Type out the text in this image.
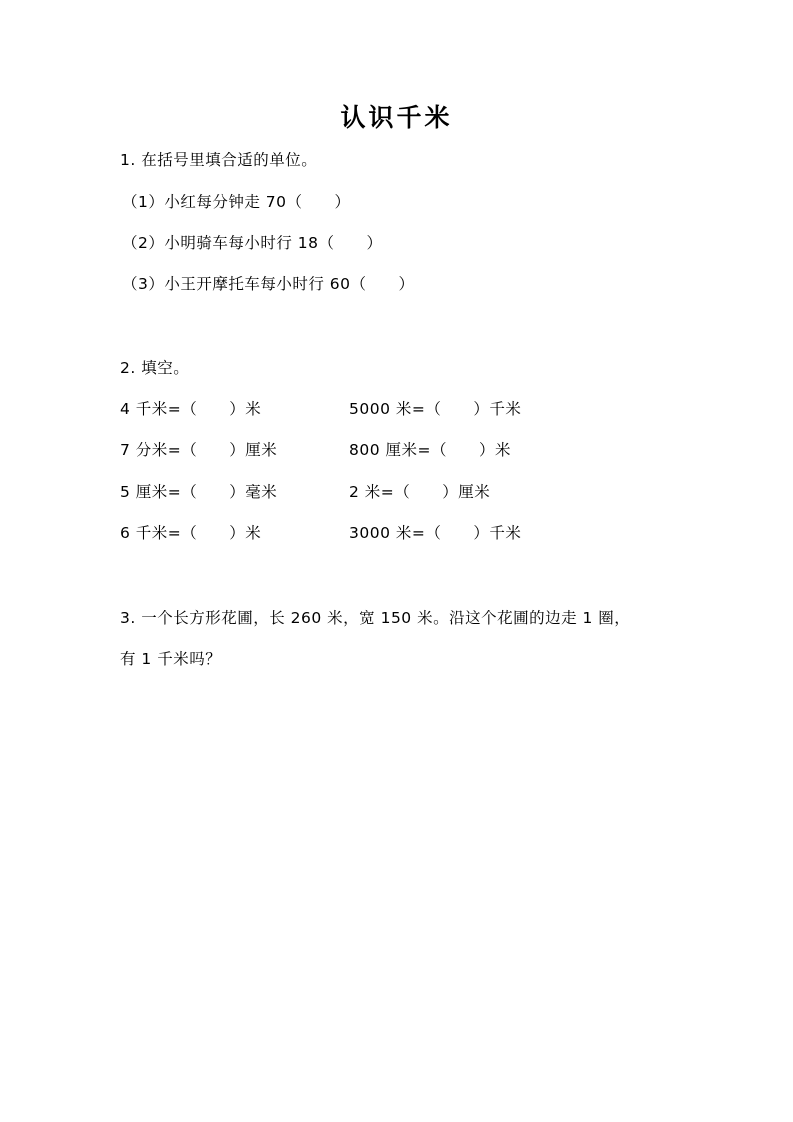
认识千米
1. 在括号里填合适的单位。
（1）小红每分钟走 70（　　）
（2）小明骑车每小时行 18（　　）
（3）小王开摩托车每小时行 60（　　）
2. 填空。
4 千米=（　　）米	5000 米=（　　）千米
7 分米=（　　）厘米	800 厘米=（　　）米
5 厘米=（　　）毫米	2 米=（　　）厘米
6 千米=（　　）米	3000 米=（　　）千米
3. 一个长方形花圃，长 260 米，宽 150 米。沿这个花圃的边走 1 圈，
有 1 千米吗？
